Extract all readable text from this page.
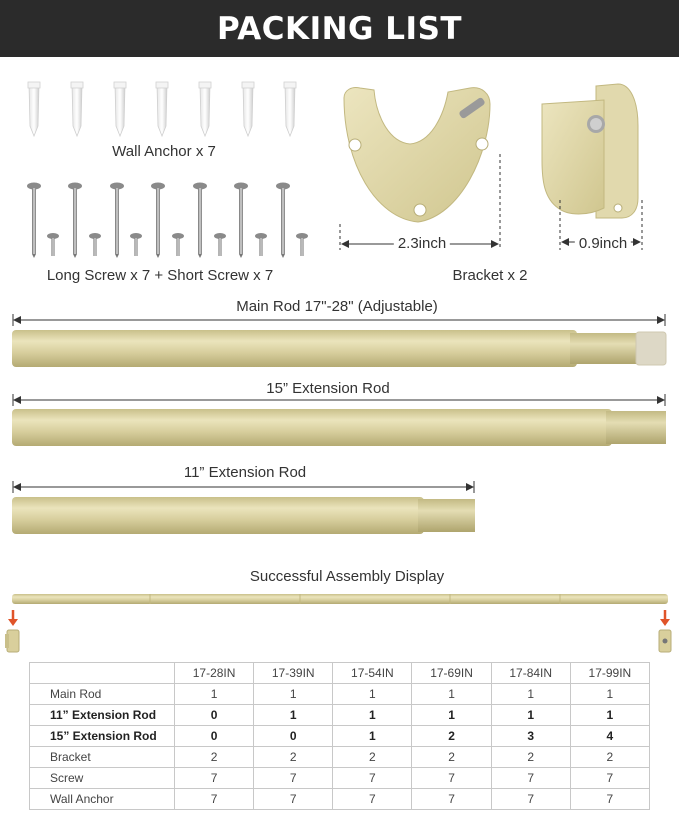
PACKING LIST
Wall Anchor x 7
Long Screw x 7 + Short Screw x 7
2.3inch
Bracket x 2
0.9inch
Main Rod 17"-28" (Adjustable)
15” Extension Rod
11” Extension Rod
Successful Assembly Display
	17-28IN	17-39IN	17-54IN	17-69IN	17-84IN	17-99IN
Main Rod	1	1	1	1	1	1
11” Extension Rod	0	1	1	1	1	1
15” Extension Rod	0	0	1	2	3	4
Bracket	2	2	2	2	2	2
Screw	7	7	7	7	7	7
Wall Anchor	7	7	7	7	7	7
